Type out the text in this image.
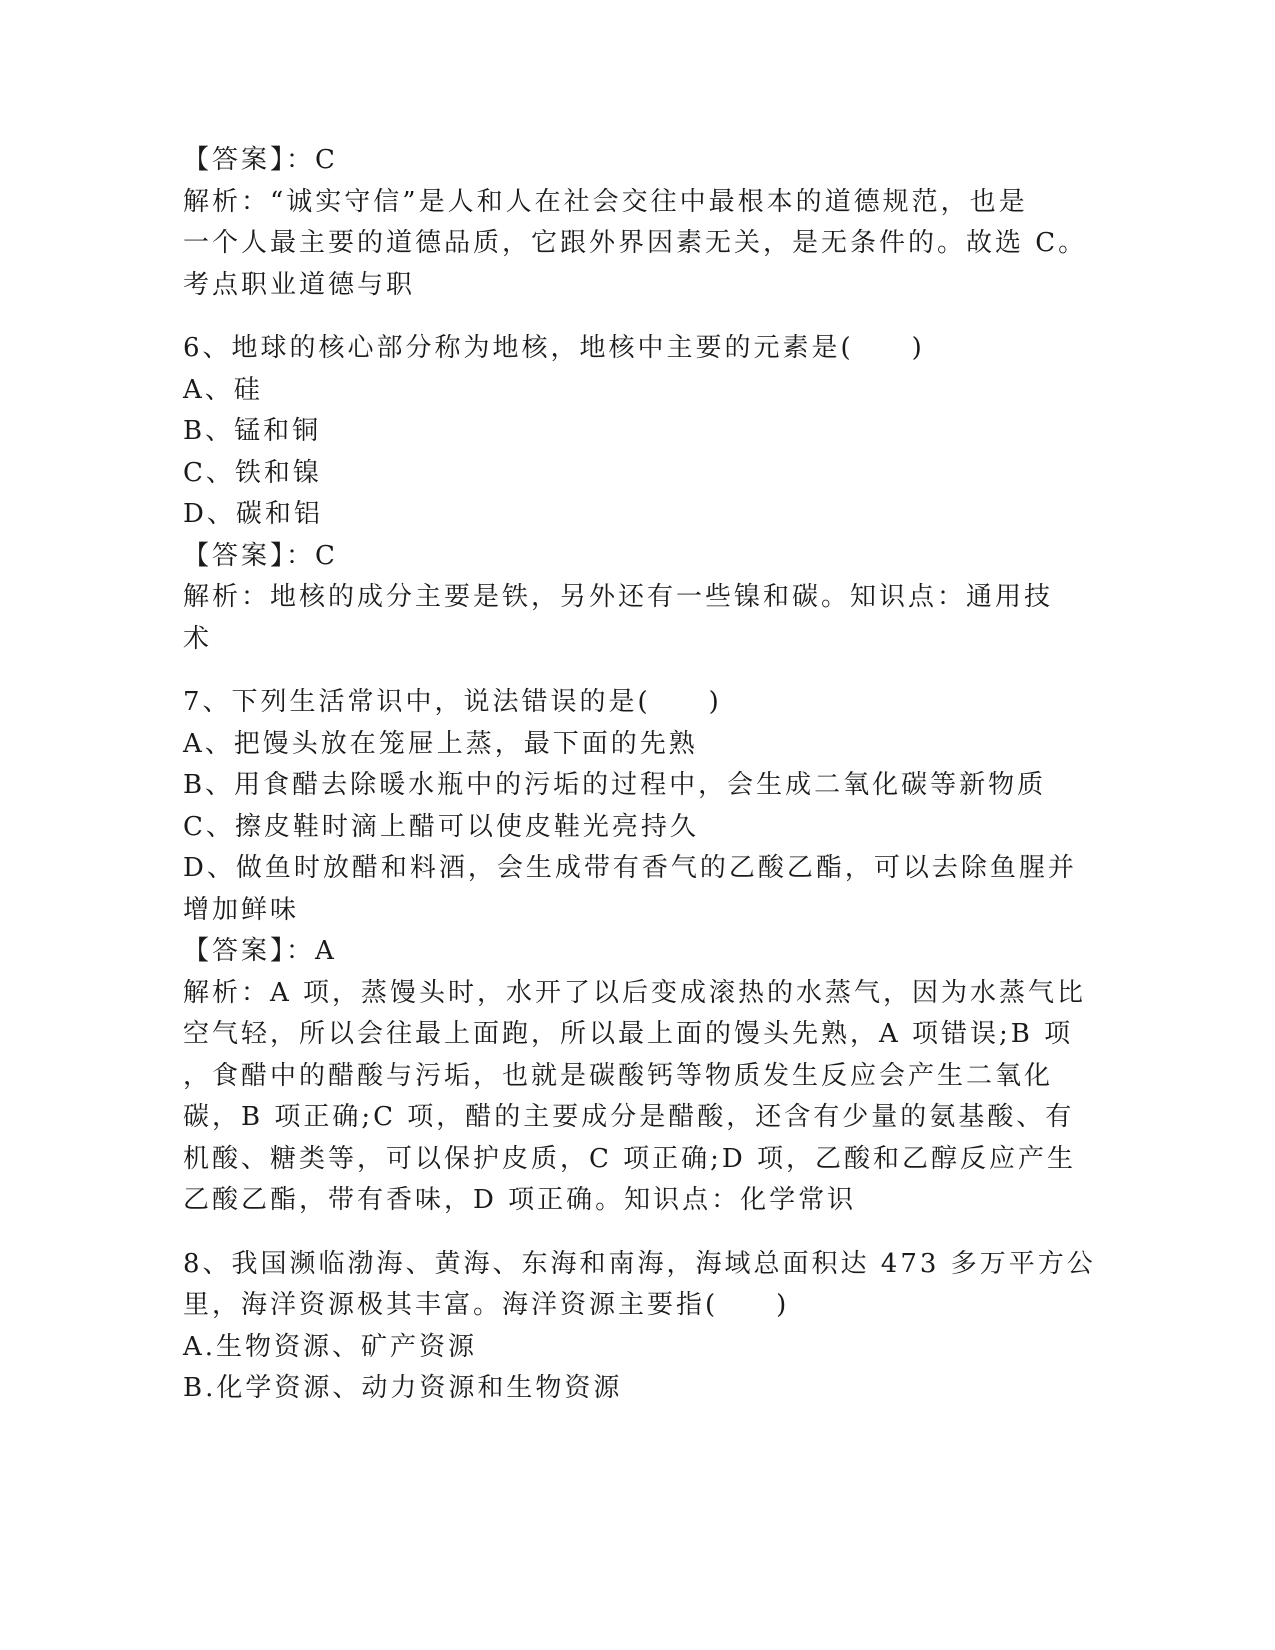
【答案】：C
解析：“诚实守信”是人和人在社会交往中最根本的道德规范，也是
一个人最主要的道德品质，它跟外界因素无关，是无条件的。故选 C。
考点职业道德与职
6、地球的核心部分称为地核，地核中主要的元素是(　　)
A、硅
B、锰和铜
C、铁和镍
D、碳和铝
【答案】：C
解析：地核的成分主要是铁，另外还有一些镍和碳。知识点：通用技
术
7、下列生活常识中，说法错误的是(　　)
A、把馒头放在笼屉上蒸，最下面的先熟
B、用食醋去除暖水瓶中的污垢的过程中，会生成二氧化碳等新物质
C、擦皮鞋时滴上醋可以使皮鞋光亮持久
D、做鱼时放醋和料酒，会生成带有香气的乙酸乙酯，可以去除鱼腥并
增加鲜味
【答案】：A
解析：A 项，蒸馒头时，水开了以后变成滚热的水蒸气，因为水蒸气比
空气轻，所以会往最上面跑，所以最上面的馒头先熟，A 项错误;B 项
，食醋中的醋酸与污垢，也就是碳酸钙等物质发生反应会产生二氧化
碳，B 项正确;C 项，醋的主要成分是醋酸，还含有少量的氨基酸、有
机酸、糖类等，可以保护皮质，C 项正确;D 项，乙酸和乙醇反应产生
乙酸乙酯，带有香味，D 项正确。知识点：化学常识
8、我国濒临渤海、黄海、东海和南海，海域总面积达 473 多万平方公
里，海洋资源极其丰富。海洋资源主要指(　　)
A.生物资源、矿产资源
B.化学资源、动力资源和生物资源
